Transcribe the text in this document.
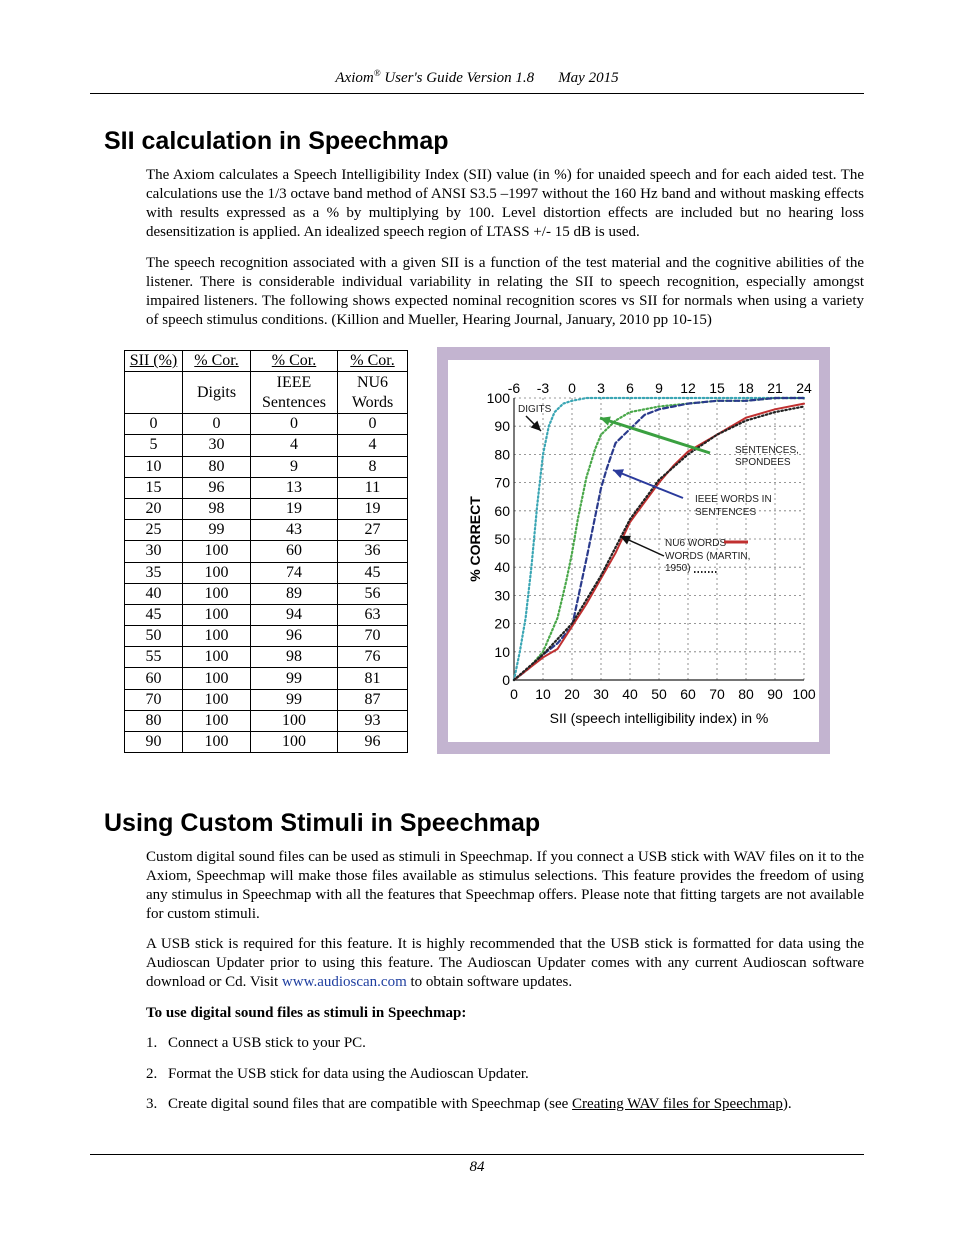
Axiom® User's Guide Version 1.8 May 2015
SII calculation in Speechmap

The Axiom calculates a Speech Intelligibility Index (SII) value (in %) for unaided speech and for each aided test. The calculations use the 1/3 octave band method of ANSI S3.5 –1997 without the 160 Hz band and without masking effects with results expressed as a % by multiplying by 100. Level distortion effects are included but no hearing loss desensitization is applied. An idealized speech region of LTASS +/- 15 dB is used.

The speech recognition associated with a given SII is a function of the test material and the cognitive abilities of the listener. There is considerable individual variability in relating the SII to speech recognition, especially amongst impaired listeners. The following shows expected nominal recognition scores vs SII for normals when using a variety of speech stimulus conditions. (Killion and Mueller, Hearing Journal, January, 2010 pp 10-15)

SII (%)	% Cor.	% Cor.	% Cor.
	Digits	IEEE Sentences	NU6 Words
0	0	0	0
5	30	4	4
10	80	9	8
15	96	13	11
20	98	19	19
25	99	43	27
30	100	60	36
35	100	74	45
40	100	89	56
45	100	94	63
50	100	96	70
55	100	98	76
60	100	99	81
70	100	99	87
80	100	100	93
90	100	100	96
0 10 20 30 40 50 60 70 80 90 100
0
10
20
30
40
50
60
70
80
90
100
-6 -3 0 3 6 9 12 15 18 21 24
SII (speech intelligibility index) in %
% CORRECT
DIGITS
SENTENCES,
SPONDEES
IEEE WORDS IN
SENTENCES
NU6 WORDS
WORDS (MARTIN,
1950)
Using Custom Stimuli in Speechmap

Custom digital sound files can be used as stimuli in Speechmap. If you connect a USB stick with WAV files on it to the Axiom, Speechmap will make those files available as stimulus selections. This feature provides the freedom of using any stimulus in Speechmap with all the features that Speechmap offers. Please note that fitting targets are not available for custom stimuli.

A USB stick is required for this feature. It is highly recommended that the USB stick is formatted for data using the Audioscan Updater prior to using this feature. The Audioscan Updater comes with any current Audioscan software download or Cd. Visit www.audioscan.com to obtain software updates.

To use digital sound files as stimuli in Speechmap:

1. Connect a USB stick to your PC.

2. Format the USB stick for data using the Audioscan Updater.

3. Create digital sound files that are compatible with Speechmap (see Creating WAV files for Speechmap).

84
